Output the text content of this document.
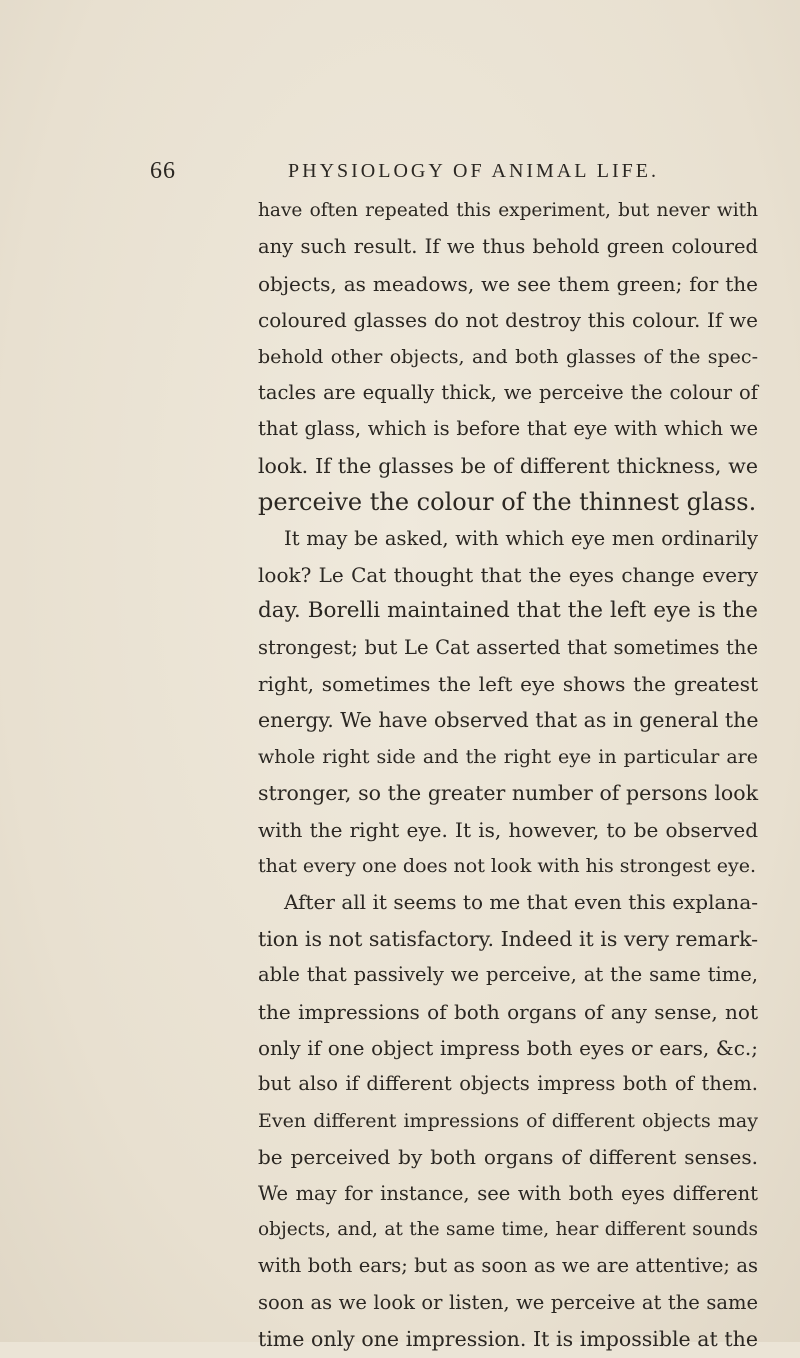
66	PHYSIOLOGY OF ANIMAL LIFE.
have often repeated this experiment, but never with
any such result. If we thus behold green coloured
objects, as meadows, we see them green; for the
coloured glasses do not destroy this colour. If we
behold other objects, and both glasses of the spec-
tacles are equally thick, we perceive the colour of
that glass, which is before that eye with which we
look. If the glasses be of different thickness, we
perceive the colour of the thinnest glass.
It may be asked, with which eye men ordinarily
look? Le Cat thought that the eyes change every
day. Borelli maintained that the left eye is the
strongest; but Le Cat asserted that sometimes the
right, sometimes the left eye shows the greatest
energy. We have observed that as in general the
whole right side and the right eye in particular are
stronger, so the greater number of persons look
with the right eye. It is, however, to be observed
that every one does not look with his strongest eye.
After all it seems to me that even this explana-
tion is not satisfactory. Indeed it is very remark-
able that passively we perceive, at the same time,
the impressions of both organs of any sense, not
only if one object impress both eyes or ears, &c.;
but also if different objects impress both of them.
Even different impressions of different objects may
be perceived by both organs of different senses.
We may for instance, see with both eyes different
objects, and, at the same time, hear different sounds
with both ears; but as soon as we are attentive; as
soon as we look or listen, we perceive at the same
time only one impression. It is impossible at the
